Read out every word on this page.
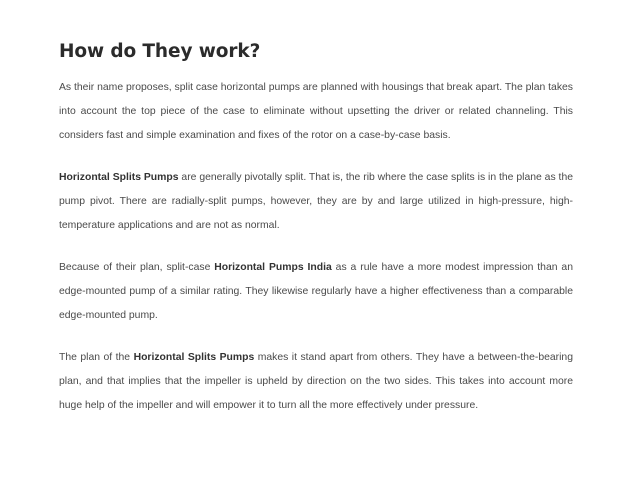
How do They work?

As their name proposes, split case horizontal pumps are planned with housings that break apart. The plan takes into account the top piece of the case to eliminate without upsetting the driver or related channeling. This considers fast and simple examination and fixes of the rotor on a case-by-case basis.

Horizontal Splits Pumps are generally pivotally split. That is, the rib where the case splits is in the plane as the pump pivot. There are radially-split pumps, however, they are by and large utilized in high-pressure, high-temperature applications and are not as normal.

Because of their plan, split-case Horizontal Pumps India as a rule have a more modest impression than an edge-mounted pump of a similar rating. They likewise regularly have a higher effectiveness than a comparable edge-mounted pump.

The plan of the Horizontal Splits Pumps makes it stand apart from others. They have a between-the-bearing plan, and that implies that the impeller is upheld by direction on the two sides. This takes into account more huge help of the impeller and will empower it to turn all the more effectively under pressure.
